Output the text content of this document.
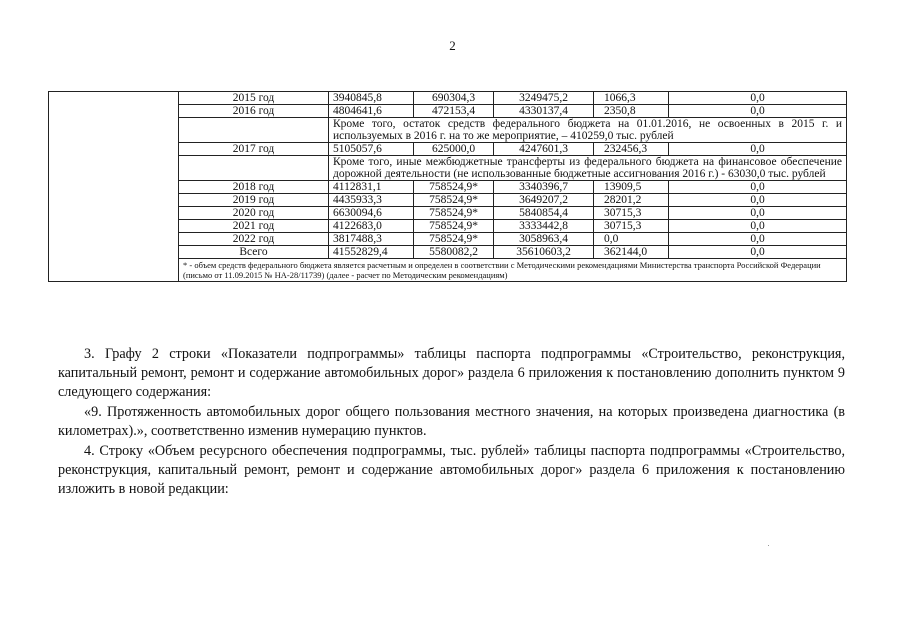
2
	2015 год	3940845,8	690304,3	3249475,2	1066,3	0,0
	2016 год	4804641,6	472153,4	4330137,4	2350,8	0,0
		Кроме того, остаток средств федерального бюджета на 01.01.2016, не освоенных в 2015 г. и используемых в 2016 г. на то же мероприятие, – 410259,0 тыс. рублей				
	2017 год	5105057,6	625000,0	4247601,3	232456,3	0,0
		Кроме того, иные межбюджетные трансферты из федерального бюджета на финансовое обеспечение дорожной деятельности (не использованные бюджетные ассигнования 2016 г.) - 63030,0 тыс. рублей				
	2018 год	4112831,1	758524,9*	3340396,7	13909,5	0,0
	2019 год	4435933,3	758524,9*	3649207,2	28201,2	0,0
	2020 год	6630094,6	758524,9*	5840854,4	30715,3	0,0
	2021 год	4122683,0	758524,9*	3333442,8	30715,3	0,0
	2022 год	3817488,3	758524,9*	3058963,4	0,0	0,0
	Всего	41552829,4	5580082,2	35610603,2	362144,0	0,0
	* - объем средств федерального бюджета является расчетным и определен в соответствии с Методическими рекомендациями Министерства транспорта Российской Федерации (письмо от 11.09.2015 № НА-28/11739) (далее - расчет по Методическим рекомендациям)					

3. Графу 2 строки «Показатели подпрограммы» таблицы паспорта подпрограммы «Строительство, реконструкция, капитальный ремонт, ремонт и содержание автомобильных дорог» раздела 6 приложения к постановлению дополнить пунктом 9 следующего содержания:

«9. Протяженность автомобильных дорог общего пользования местного значения, на которых произведена диагностика (в километрах).», соответственно изменив нумерацию пунктов.

4. Строку «Объем ресурсного обеспечения подпрограммы, тыс. рублей» таблицы паспорта подпрограммы «Строительство, реконструкция, капитальный ремонт, ремонт и содержание автомобильных дорог» раздела 6 приложения к постановлению изложить в новой редакции:
